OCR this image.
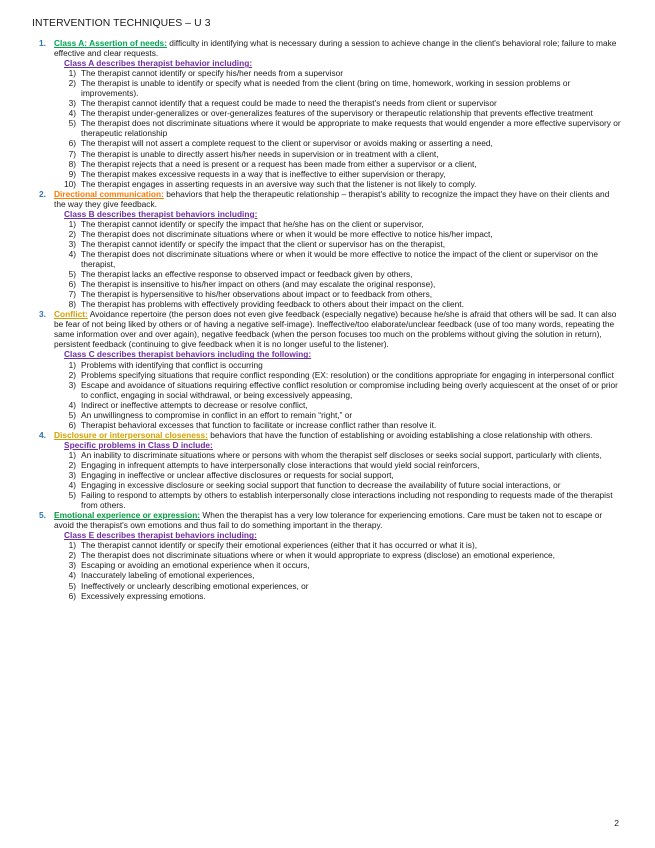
INTERVENTION TECHNIQUES – U 3
1. Class A: Assertion of needs: difficulty in identifying what is necessary during a session to achieve change in the client's behavioral role; failure to make effective and clear requests.
Class A describes therapist behavior including:
1) The therapist cannot identify or specify his/her needs from a supervisor
2) The therapist is unable to identify or specify what is needed from the client (bring on time, homework, working in session problems or improvements).
3) The therapist cannot identify that a request could be made to need the therapist's needs from client or supervisor
4) The therapist under-generalizes or over-generalizes features of the supervisory or therapeutic relationship that prevents effective treatment
5) The therapist does not discriminate situations where it would be appropriate to make requests that would engender a more effective supervisory or therapeutic relationship
6) The therapist will not assert a complete request to the client or supervisor or avoids making or asserting a need,
7) The therapist is unable to directly assert his/her needs in supervision or in treatment with a client,
8) The therapist rejects that a need is present or a request has been made from either a supervisor or a client,
9) The therapist makes excessive requests in a way that is ineffective to either supervision or therapy,
10) The therapist engages in asserting requests in an aversive way such that the listener is not likely to comply.
2. Directional communication: behaviors that help the therapeutic relationship – therapist's ability to recognize the impact they have on their clients and the way they give feedback.
Class B describes therapist behaviors including:
1) The therapist cannot identify or specify the impact that he/she has on the client or supervisor,
2) The therapist does not discriminate situations where or when it would be more effective to notice his/her impact,
3) The therapist cannot identify or specify the impact that the client or supervisor has on the therapist,
4) The therapist does not discriminate situations where or when it would be more effective to notice the impact of the client or supervisor on the therapist,
5) The therapist lacks an effective response to observed impact or feedback given by others,
6) The therapist is insensitive to his/her impact on others (and may escalate the original response),
7) The therapist is hypersensitive to his/her observations about impact or to feedback from others,
8) The therapist has problems with effectively providing feedback to others about their impact on the client.
3. Conflict: Avoidance repertoire (the person does not even give feedback (especially negative) because he/she is afraid that others will be sad. It can also be fear of not being liked by others or of having a negative self-image). Ineffective/too elaborate/unclear feedback (use of too many words, repeating the same information over and over again), negative feedback (when the person focuses too much on the problems without giving the solution in return), persistent feedback (continuing to give feedback when it is no longer useful to the listener).
Class C describes therapist behaviors including the following:
1) Problems with identifying that conflict is occurring
2) Problems specifying situations that require conflict responding (EX: resolution) or the conditions appropriate for engaging in interpersonal conflict
3) Escape and avoidance of situations requiring effective conflict resolution or compromise including being overly acquiescent at the onset of or prior to conflict, engaging in social withdrawal, or being excessively appeasing,
4) Indirect or ineffective attempts to decrease or resolve conflict,
5) An unwillingness to compromise in conflict in an effort to remain “right,” or
6) Therapist behavioral excesses that function to facilitate or increase conflict rather than resolve it.
4. Disclosure or interpersonal closeness: behaviors that have the function of establishing or avoiding establishing a close relationship with others.
Specific problems in Class D include:
1) An inability to discriminate situations where or persons with whom the therapist self discloses or seeks social support, particularly with clients,
2) Engaging in infrequent attempts to have interpersonally close interactions that would yield social reinforcers,
3) Engaging in ineffective or unclear affective disclosures or requests for social support,
4) Engaging in excessive disclosure or seeking social support that function to decrease the availability of future social interactions, or
5) Failing to respond to attempts by others to establish interpersonally close interactions including not responding to requests made of the therapist from others.
5. Emotional experience or expression: When the therapist has a very low tolerance for experiencing emotions. Care must be taken not to escape or avoid the therapist's own emotions and thus fail to do something important in the therapy.
Class E describes therapist behaviors including:
1) The therapist cannot identify or specify their emotional experiences (either that it has occurred or what it is),
2) The therapist does not discriminate situations where or when it would appropriate to express (disclose) an emotional experience,
3) Escaping or avoiding an emotional experience when it occurs,
4) Inaccurately labeling of emotional experiences,
5) Ineffectively or unclearly describing emotional experiences, or
6) Excessively expressing emotions.
2
